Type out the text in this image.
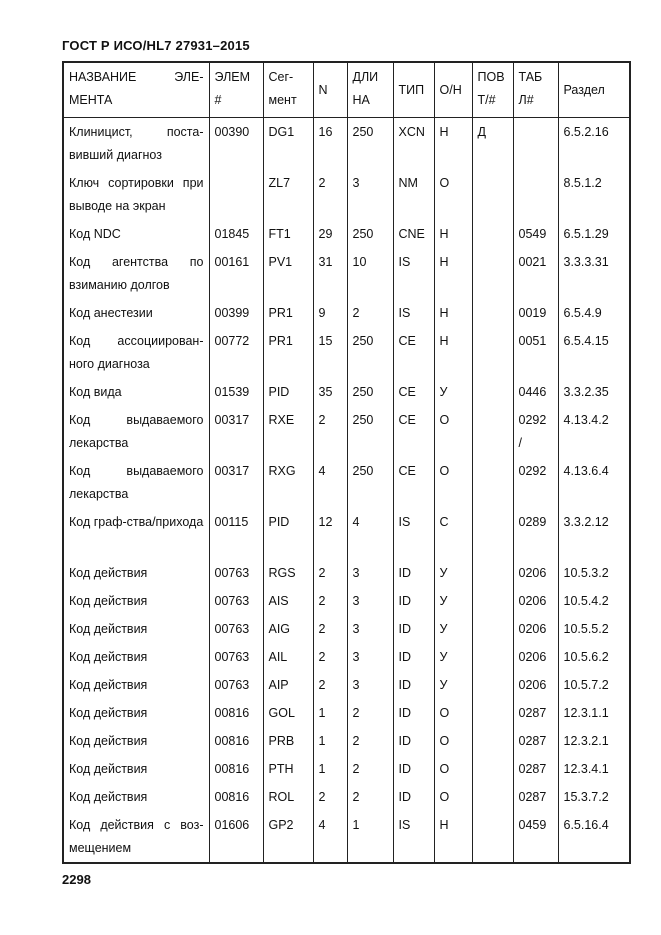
ГОСТ Р ИСО/HL7 27931–2015
НАЗВАНИЕ ЭЛЕ-МЕНТА	ЭЛЕМ #	Сег-мент	N	ДЛИ НА	ТИП	О/Н	ПОВ Т/#	ТАБ Л#	Раздел
Клиницист, поста-вивший диагноз	00390	DG1	16	250	XCN	Н	Д		6.5.2.16
Ключ сортировки при выводе на экран		ZL7	2	3	NM	О			8.5.1.2
Код NDC	01845	FT1	29	250	CNE	Н		0549	6.5.1.29
Код агентства по взиманию долгов	00161	PV1	31	10	IS	Н		0021	3.3.3.31
Код анестезии	00399	PR1	9	2	IS	Н		0019	6.5.4.9
Код ассоциирован-ного диагноза	00772	PR1	15	250	CE	Н		0051	6.5.4.15
Код вида	01539	PID	35	250	CE	У		0446	3.3.2.35
Код выдаваемого лекарства	00317	RXE	2	250	CE	О		0292 /	4.13.4.2
Код выдаваемого лекарства	00317	RXG	4	250	CE	О		0292	4.13.6.4
Код граф-ства/прихода	00115	PID	12	4	IS	С		0289	3.3.2.12
Код действия	00763	RGS	2	3	ID	У		0206	10.5.3.2
Код действия	00763	AIS	2	3	ID	У		0206	10.5.4.2
Код действия	00763	AIG	2	3	ID	У		0206	10.5.5.2
Код действия	00763	AIL	2	3	ID	У		0206	10.5.6.2
Код действия	00763	AIP	2	3	ID	У		0206	10.5.7.2
Код действия	00816	GOL	1	2	ID	О		0287	12.3.1.1
Код действия	00816	PRB	1	2	ID	О		0287	12.3.2.1
Код действия	00816	PTH	1	2	ID	О		0287	12.3.4.1
Код действия	00816	ROL	2	2	ID	О		0287	15.3.7.2
Код действия с воз-мещением	01606	GP2	4	1	IS	Н		0459	6.5.16.4
2298
